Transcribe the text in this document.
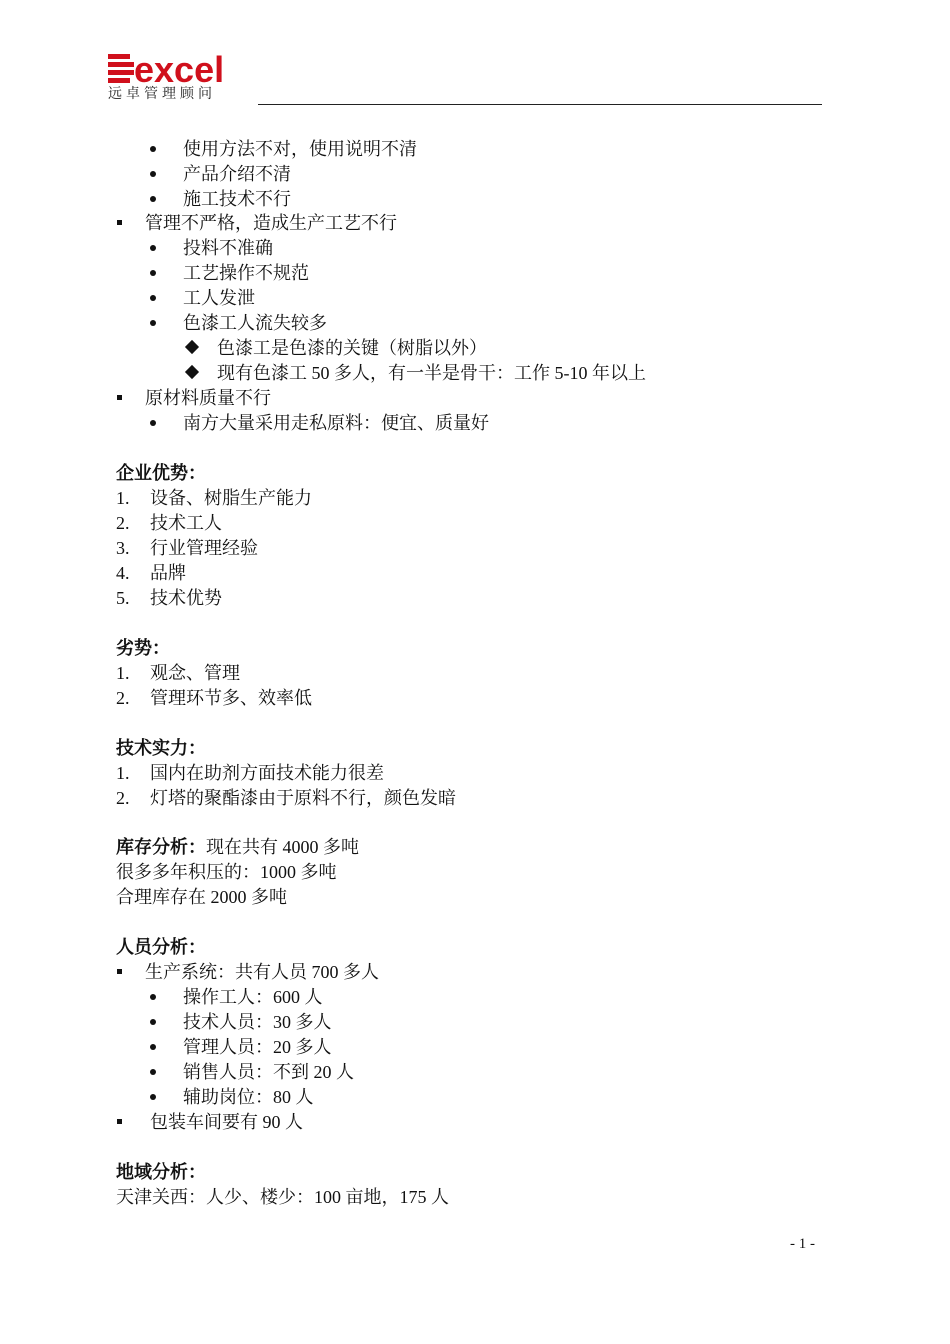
excel
远卓管理顾问
使用方法不对，使用说明不清
产品介绍不清
施工技术不行
管理不严格，造成生产工艺不行
投料不准确
工艺操作不规范
工人发泄
色漆工人流失较多
色漆工是色漆的关键（树脂以外）
现有色漆工 50 多人，有一半是骨干：工作 5-10 年以上
原材料质量不行
南方大量采用走私原料：便宜、质量好
企业优势：
1. 设备、树脂生产能力
2. 技术工人
3. 行业管理经验
4. 品牌
5. 技术优势
劣势：
1. 观念、管理
2. 管理环节多、效率低
技术实力：
1. 国内在助剂方面技术能力很差
2. 灯塔的聚酯漆由于原料不行，颜色发暗
库存分析：现在共有 4000 多吨
很多多年积压的：1000 多吨
合理库存在 2000 多吨
人员分析：
生产系统：共有人员 700 多人
操作工人：600 人
技术人员：30 多人
管理人员：20 多人
销售人员：不到 20 人
辅助岗位：80 人
包装车间要有 90 人
地域分析：
天津关西：人少、楼少：100 亩地，175 人
- 1 -
